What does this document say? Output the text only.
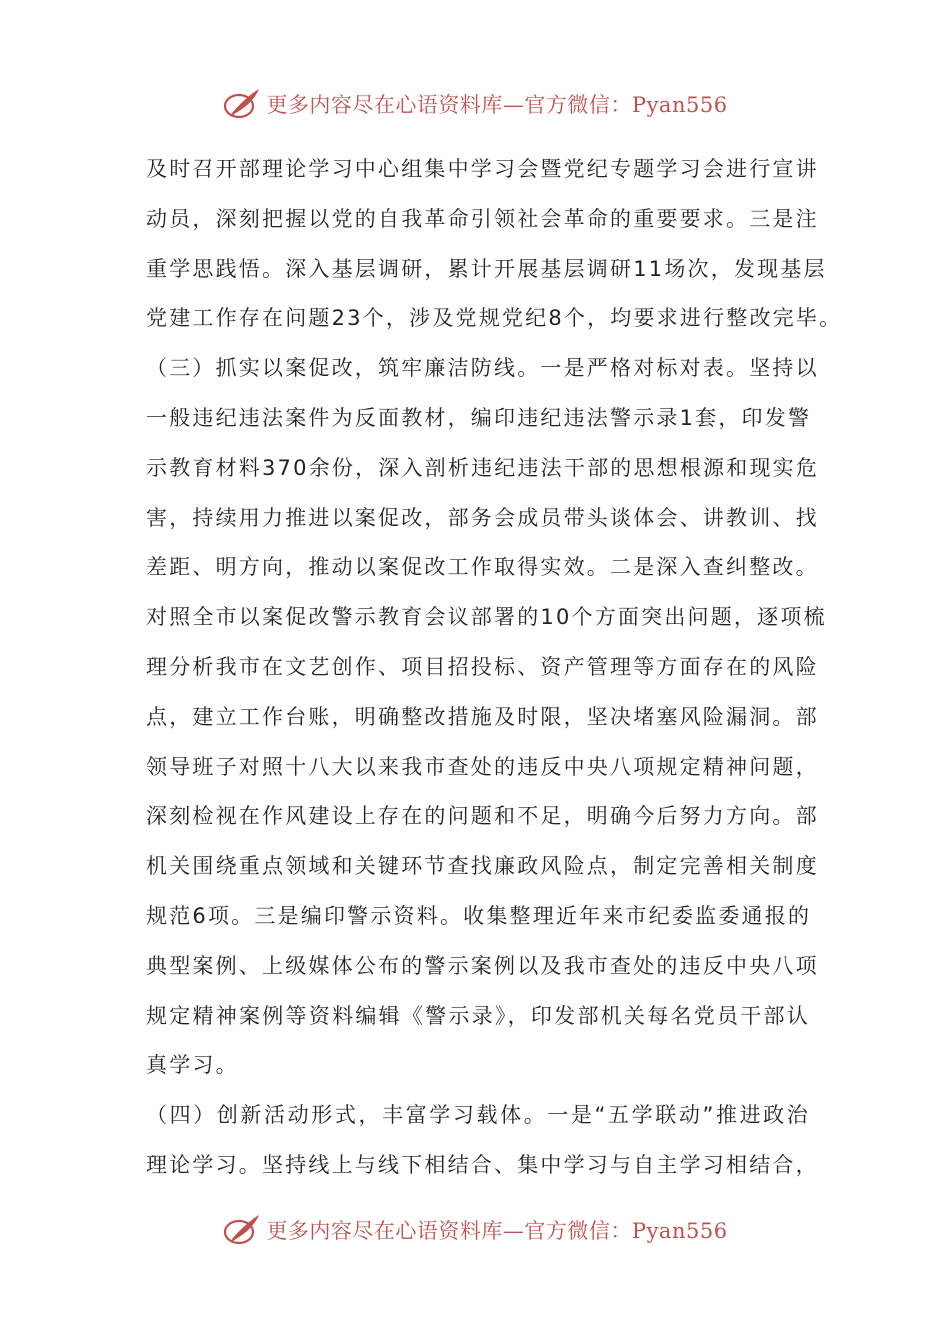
更多内容尽在心语资料库—官方微信：Pyan556
及时召开部理论学习中心组集中学习会暨党纪专题学习会进行宣讲
动员，深刻把握以党的自我革命引领社会革命的重要要求。三是注
重学思践悟。深入基层调研，累计开展基层调研11场次，发现基层
党建工作存在问题23个，涉及党规党纪8个，均要求进行整改完毕。
（三）抓实以案促改，筑牢廉洁防线。一是严格对标对表。坚持以
一般违纪违法案件为反面教材，编印违纪违法警示录1套，印发警
示教育材料370余份，深入剖析违纪违法干部的思想根源和现实危
害，持续用力推进以案促改，部务会成员带头谈体会、讲教训、找
差距、明方向，推动以案促改工作取得实效。二是深入查纠整改。
对照全市以案促改警示教育会议部署的10个方面突出问题，逐项梳
理分析我市在文艺创作、项目招投标、资产管理等方面存在的风险
点，建立工作台账，明确整改措施及时限，坚决堵塞风险漏洞。部
领导班子对照十八大以来我市查处的违反中央八项规定精神问题，
深刻检视在作风建设上存在的问题和不足，明确今后努力方向。部
机关围绕重点领域和关键环节查找廉政风险点，制定完善相关制度
规范6项。三是编印警示资料。收集整理近年来市纪委监委通报的
典型案例、上级媒体公布的警示案例以及我市查处的违反中央八项
规定精神案例等资料编辑《警示录》，印发部机关每名党员干部认
真学习。
（四）创新活动形式，丰富学习载体。一是“五学联动”推进政治
理论学习。坚持线上与线下相结合、集中学习与自主学习相结合，
更多内容尽在心语资料库—官方微信：Pyan556
